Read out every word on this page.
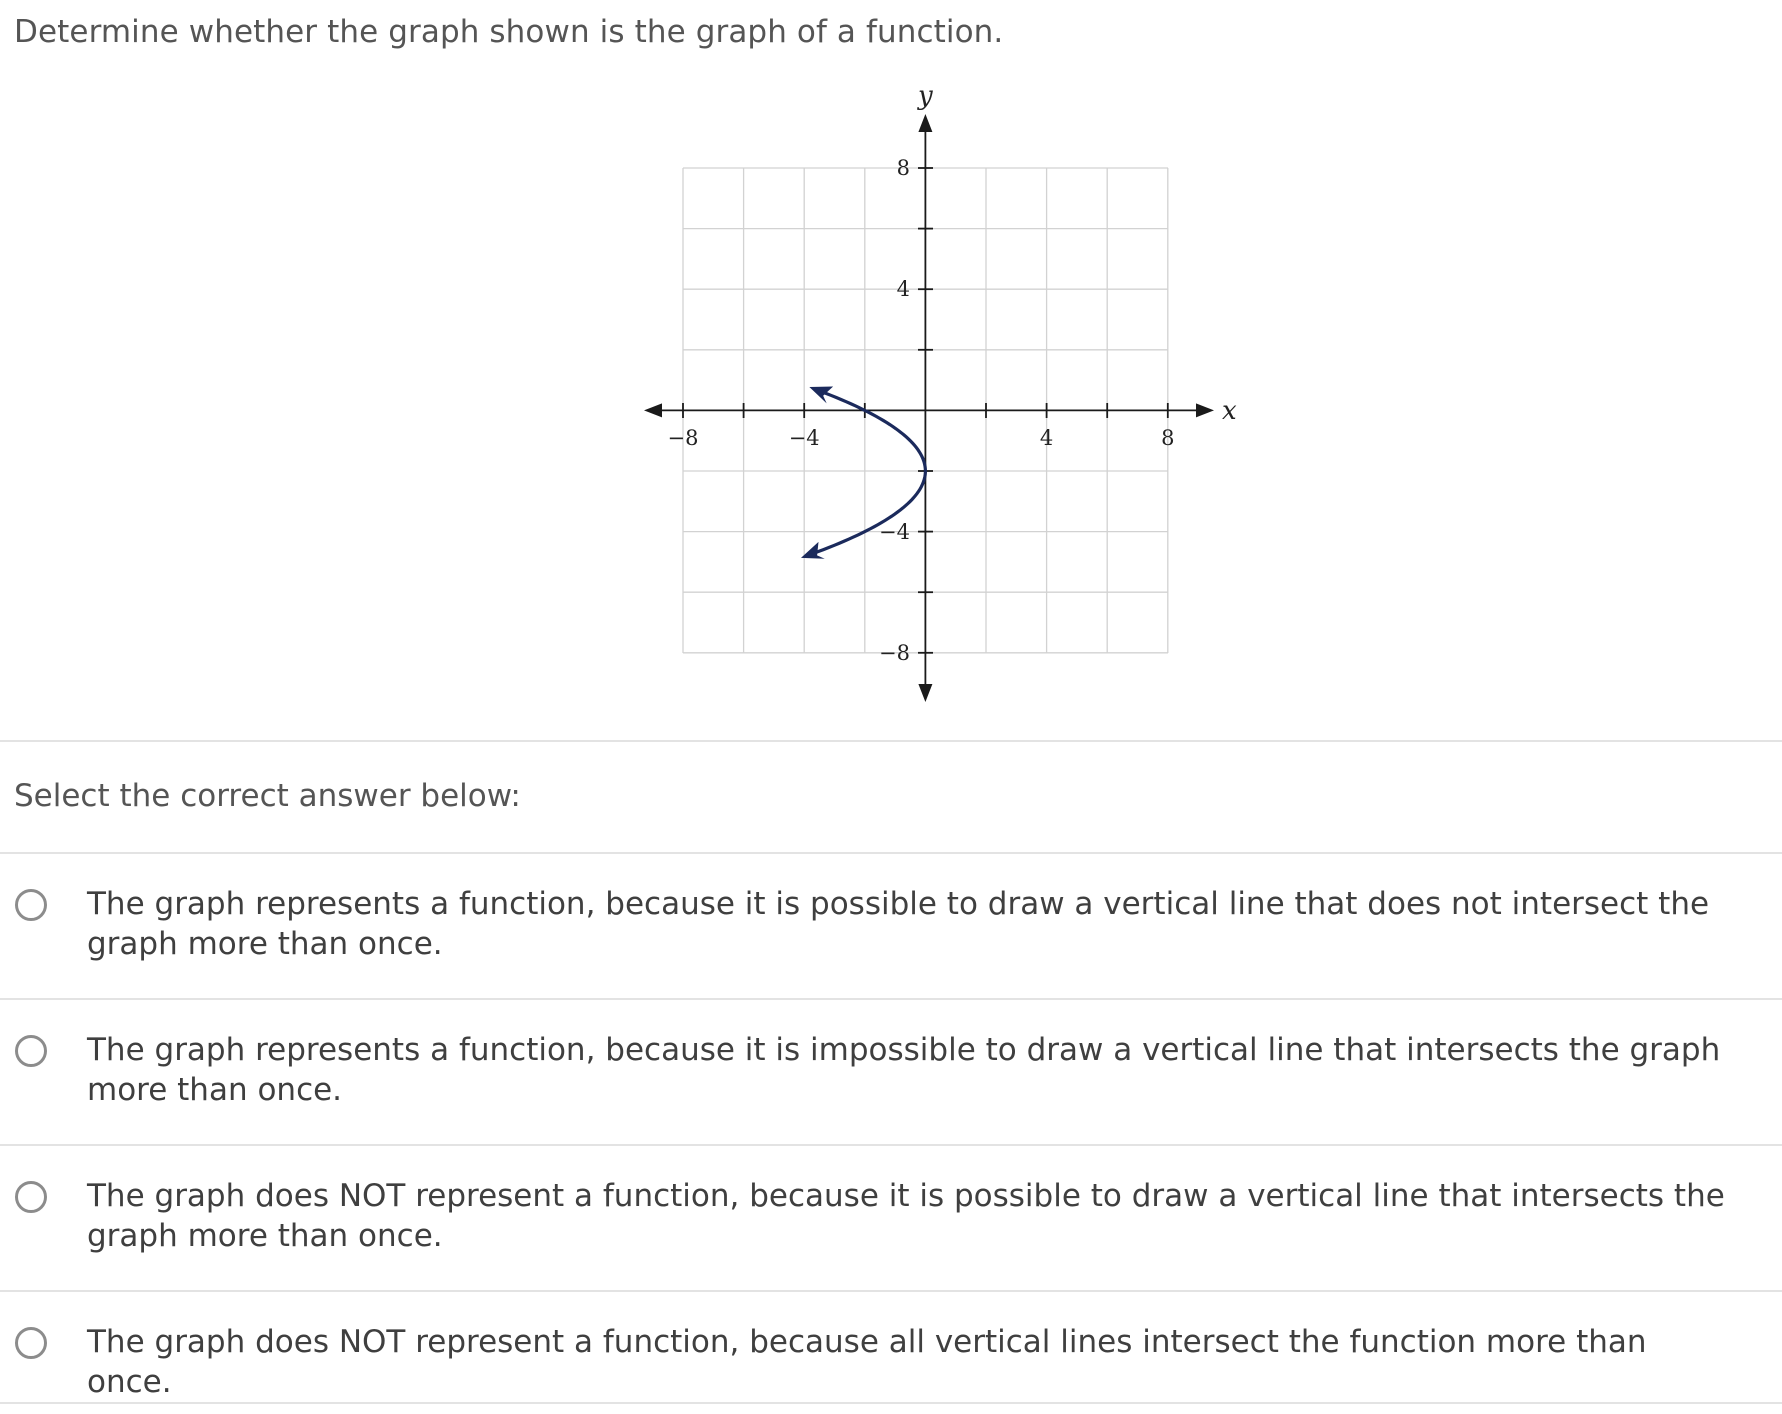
Determine whether the graph shown is the graph of a function.
−8	−4	4	8
8
4
−4
−8
x
y
Select the correct answer below:
The graph represents a function, because it is possible to draw a vertical line that does not intersect the graph more than once.
The graph represents a function, because it is impossible to draw a vertical line that intersects the graph more than once.
The graph does NOT represent a function, because it is possible to draw a vertical line that intersects the graph more than once.
The graph does NOT represent a function, because all vertical lines intersect the function more than once.
